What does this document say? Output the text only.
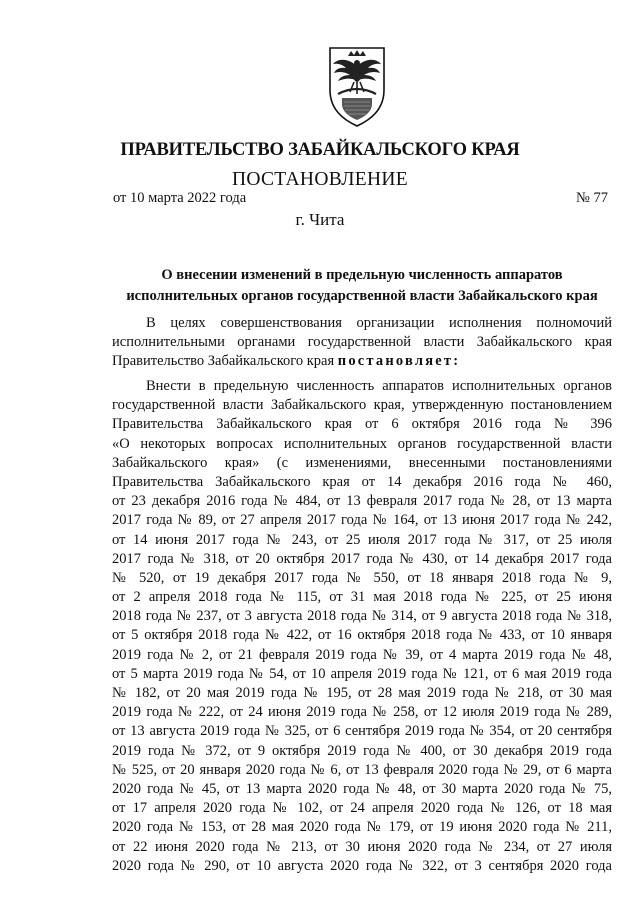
ПРАВИТЕЛЬСТВО ЗАБАЙКАЛЬСКОГО КРАЯ
ПОСТАНОВЛЕНИЕ
от 10 марта 2022 года	№ 77
г. Чита
О внесении изменений в предельную численность аппаратов
исполнительных органов государственной власти Забайкальского края
В целях совершенствования организации исполнения полномочий
исполнительными органами государственной власти Забайкальского края
Правительство Забайкальского края постановляет:
Внести в предельную численность аппаратов исполнительных органов
государственной власти Забайкальского края, утвержденную постановлением
Правительства Забайкальского края от 6 октября 2016 года № 396
«О некоторых вопросах исполнительных органов государственной власти
Забайкальского края» (с изменениями, внесенными постановлениями
Правительства Забайкальского края от 14 декабря 2016 года № 460,
от 23 декабря 2016 года № 484, от 13 февраля 2017 года № 28, от 13 марта
2017 года № 89, от 27 апреля 2017 года № 164, от 13 июня 2017 года № 242,
от 14 июня 2017 года № 243, от 25 июля 2017 года № 317, от 25 июля
2017 года № 318, от 20 октября 2017 года № 430, от 14 декабря 2017 года
№ 520, от 19 декабря 2017 года № 550, от 18 января 2018 года № 9,
от 2 апреля 2018 года № 115, от 31 мая 2018 года № 225, от 25 июня
2018 года № 237, от 3 августа 2018 года № 314, от 9 августа 2018 года № 318,
от 5 октября 2018 года № 422, от 16 октября 2018 года № 433, от 10 января
2019 года № 2, от 21 февраля 2019 года № 39, от 4 марта 2019 года № 48,
от 5 марта 2019 года № 54, от 10 апреля 2019 года № 121, от 6 мая 2019 года
№ 182, от 20 мая 2019 года № 195, от 28 мая 2019 года № 218, от 30 мая
2019 года № 222, от 24 июня 2019 года № 258, от 12 июля 2019 года № 289,
от 13 августа 2019 года № 325, от 6 сентября 2019 года № 354, от 20 сентября
2019 года № 372, от 9 октября 2019 года № 400, от 30 декабря 2019 года
№ 525, от 20 января 2020 года № 6, от 13 февраля 2020 года № 29, от 6 марта
2020 года № 45, от 13 марта 2020 года № 48, от 30 марта 2020 года № 75,
от 17 апреля 2020 года № 102, от 24 апреля 2020 года № 126, от 18 мая
2020 года № 153, от 28 мая 2020 года № 179, от 19 июня 2020 года № 211,
от 22 июня 2020 года № 213, от 30 июня 2020 года № 234, от 27 июля
2020 года № 290, от 10 августа 2020 года № 322, от 3 сентября 2020 года
